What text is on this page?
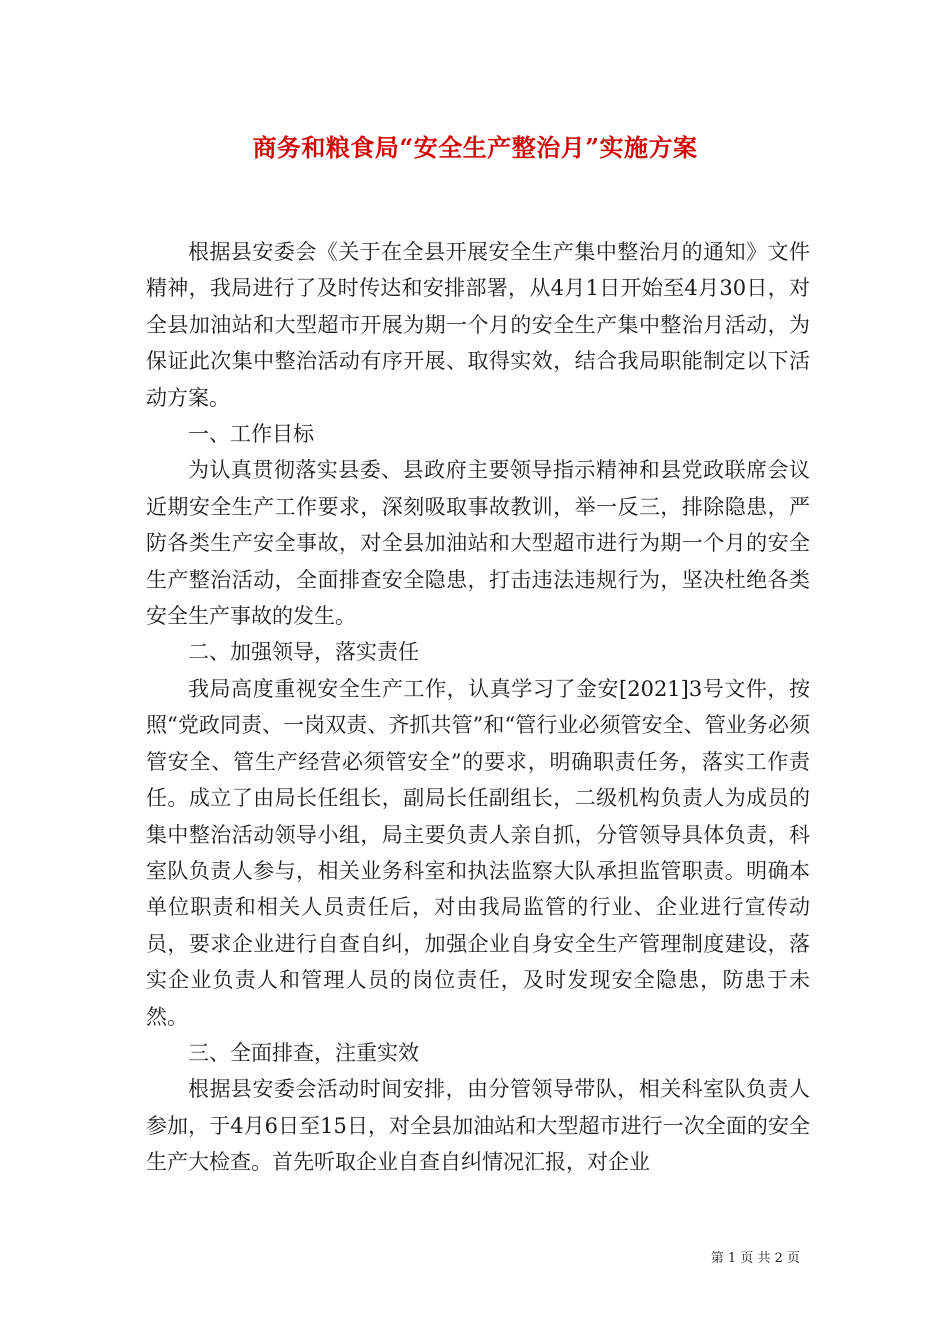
商务和粮食局“安全生产整治月”实施方案

根据县安委会《关于在全县开展安全生产集中整治月的通知》文件精神，我局进行了及时传达和安排部署，从4月1日开始至4月30日，对全县加油站和大型超市开展为期一个月的安全生产集中整治月活动，为保证此次集中整治活动有序开展、取得实效，结合我局职能制定以下活动方案。

一、工作目标

为认真贯彻落实县委、县政府主要领导指示精神和县党政联席会议近期安全生产工作要求，深刻吸取事故教训，举一反三，排除隐患，严防各类生产安全事故，对全县加油站和大型超市进行为期一个月的安全生产整治活动，全面排查安全隐患，打击违法违规行为，坚决杜绝各类安全生产事故的发生。

二、加强领导，落实责任

我局高度重视安全生产工作，认真学习了金安[2021]3号文件，按照“党政同责、一岗双责、齐抓共管”和“管行业必须管安全、管业务必须管安全、管生产经营必须管安全”的要求，明确职责任务，落实工作责任。成立了由局长任组长，副局长任副组长，二级机构负责人为成员的集中整治活动领导小组，局主要负责人亲自抓，分管领导具体负责，科室队负责人参与，相关业务科室和执法监察大队承担监管职责。明确本单位职责和相关人员责任后，对由我局监管的行业、企业进行宣传动员，要求企业进行自查自纠，加强企业自身安全生产管理制度建设，落实企业负责人和管理人员的岗位责任，及时发现安全隐患，防患于未然。

三、全面排查，注重实效

根据县安委会活动时间安排，由分管领导带队，相关科室队负责人参加，于4月6日至15日，对全县加油站和大型超市进行一次全面的安全生产大检查。首先听取企业自查自纠情况汇报，对企业

第 1 页 共 2 页
